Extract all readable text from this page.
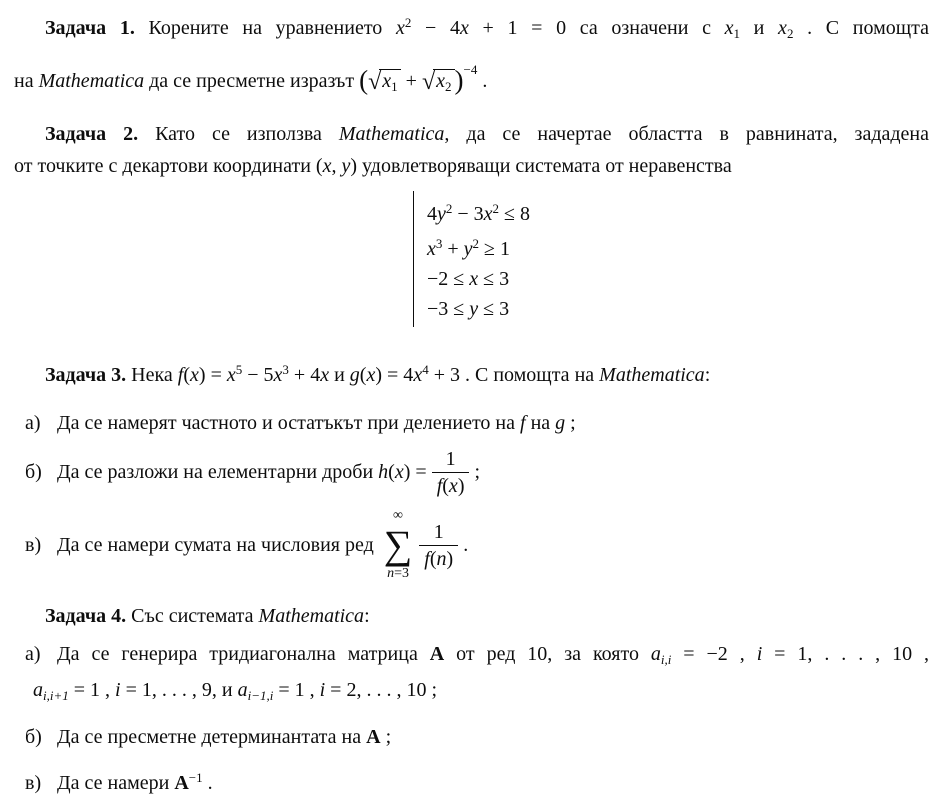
Задача 1. Корените на уравнението $x^2 - 4x + 1 = 0$ са означени с $x_1$ и $x_2$ . С помощта
на Mathematica да се пресметне изразът ($√x_1 + √x_2$ )$^{-4}$ .
Задача 2. Като се използва Mathematica, да се начертае областта в равнината, зададена
от точките с декартови координати (x, y) удовлетворяващи системата от неравенства
$4y^2 - 3x^2 \le 8$
$x^3 + y^2 \ge 1$
−2 ≤ x ≤ 3
−3 ≤ y ≤ 3
Задача 3. Нека $f(x) = x^5 - 5x^3 + 4x$ и $g(x) = 4x^4 + 3$ . С помощта на Mathematica:
а) Да се намерят частното и остатъкът при делението на f на g ;
б) Да се разложи на елементарни дроби $h(x) = \frac{1}{f(x)}$ ;
в) Да се намери сумата на числовия ред
∞
∑
n=3
$\frac{1}{f(n)}$ .
Задача 4. Със системата Mathematica:
а) Да се генерира тридиагонална матрица A от ред 10, за която $a_{i,i} = -2$ , i = 1, . . . , 10 ,
$a_{i,i+1} = 1$ , i = 1, . . . , 9, и $a_{i-1,i} = 1$ , i = 2, . . . , 10 ;
б) Да се пресметне детерминантата на A ;
в) Да се намери $A^{-1}$ .
